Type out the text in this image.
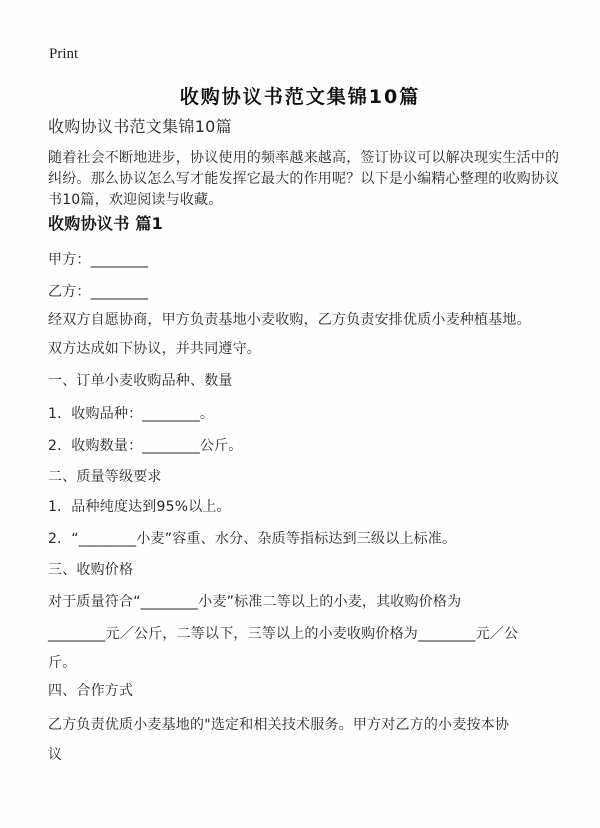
Print
收购协议书范文集锦10篇
收购协议书范文集锦10篇
随着社会不断地进步，协议使用的频率越来越高，签订协议可以解决现实生活中的
纠纷。那么协议怎么写才能发挥它最大的作用呢？以下是小编精心整理的收购协议
书10篇，欢迎阅读与收藏。
收购协议书 篇1
甲方：________
乙方：________
经双方自愿协商，甲方负责基地小麦收购，乙方负责安排优质小麦种植基地。
双方达成如下协议，并共同遵守。
一、订单小麦收购品种、数量
1．收购品种：________。
2．收购数量：________公斤。
二、质量等级要求
1．品种纯度达到95%以上。
2．“________小麦”容重、水分、杂质等指标达到三级以上标准。
三、收购价格
对于质量符合“________小麦”标准二等以上的小麦，其收购价格为
________元／公斤，二等以下，三等以上的小麦收购价格为________元／公
斤。
四、合作方式
乙方负责优质小麦基地的"选定和相关技术服务。甲方对乙方的小麦按本协
议
